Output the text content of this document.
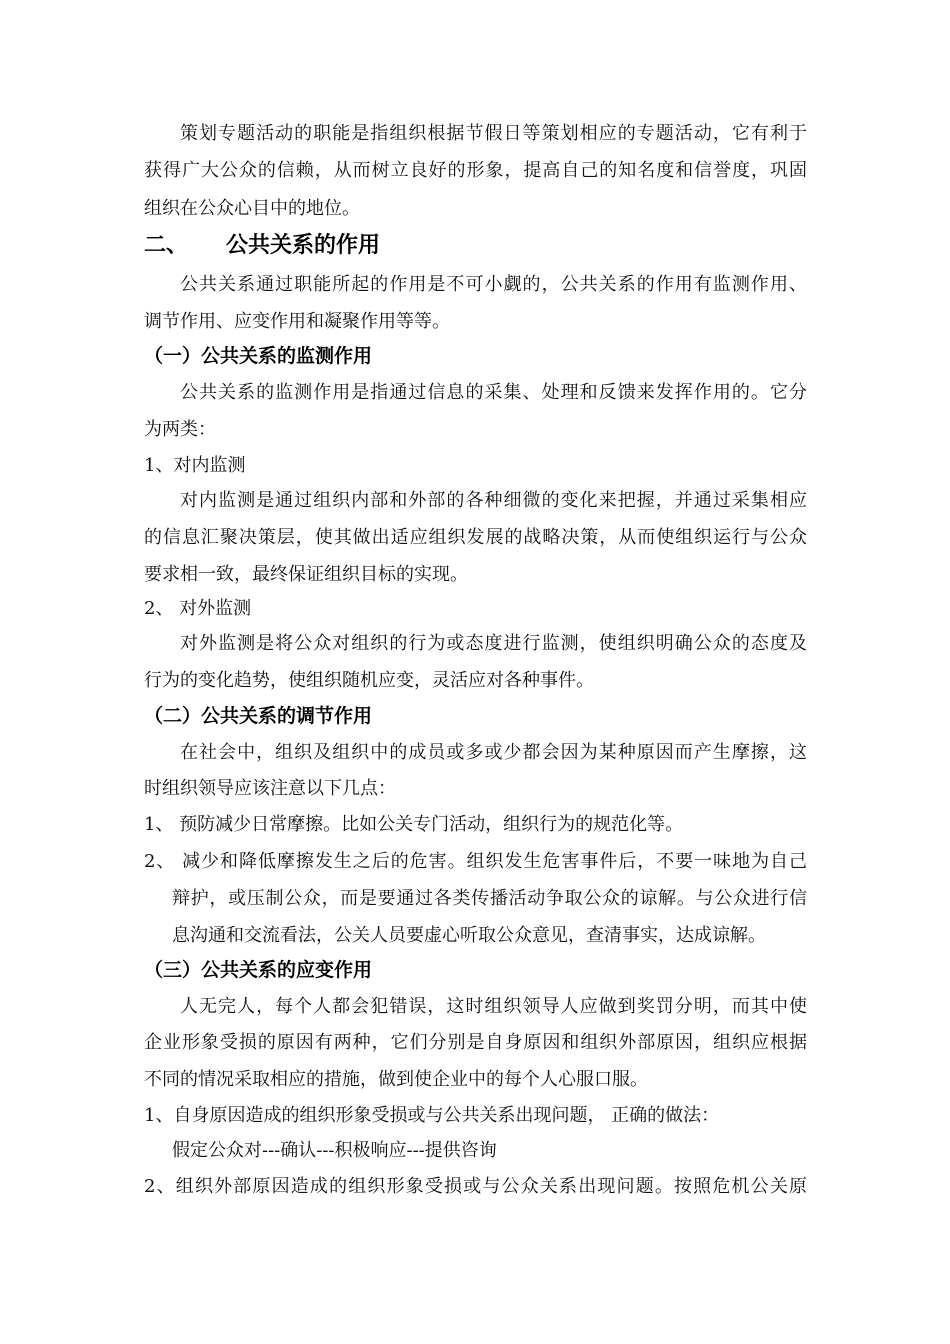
策划专题活动的职能是指组织根据节假日等策划相应的专题活动，它有利于
获得广大公众的信赖，从而树立良好的形象，提高自己的知名度和信誉度，巩固
组织在公众心目中的地位。
二、 公共关系的作用
公共关系通过职能所起的作用是不可小觑的，公共关系的作用有监测作用、
调节作用、应变作用和凝聚作用等等。
（一）公共关系的监测作用
公共关系的监测作用是指通过信息的采集、处理和反馈来发挥作用的。它分
为两类：
1、对内监测
对内监测是通过组织内部和外部的各种细微的变化来把握，并通过采集相应
的信息汇聚决策层，使其做出适应组织发展的战略决策，从而使组织运行与公众
要求相一致，最终保证组织目标的实现。
2、 对外监测
对外监测是将公众对组织的行为或态度进行监测，使组织明确公众的态度及
行为的变化趋势，使组织随机应变，灵活应对各种事件。
（二）公共关系的调节作用
在社会中，组织及组织中的成员或多或少都会因为某种原因而产生摩擦，这
时组织领导应该注意以下几点：
1、 预防减少日常摩擦。比如公关专门活动，组织行为的规范化等。
2、 减少和降低摩擦发生之后的危害。组织发生危害事件后，不要一味地为自己
辩护，或压制公众，而是要通过各类传播活动争取公众的谅解。与公众进行信
息沟通和交流看法，公关人员要虚心听取公众意见，查清事实，达成谅解。
（三）公共关系的应变作用
人无完人，每个人都会犯错误，这时组织领导人应做到奖罚分明，而其中使
企业形象受损的原因有两种，它们分别是自身原因和组织外部原因，组织应根据
不同的情况采取相应的措施，做到使企业中的每个人心服口服。
1、自身原因造成的组织形象受损或与公共关系出现问题， 正确的做法：
假定公众对---确认---积极响应---提供咨询
2、组织外部原因造成的组织形象受损或与公众关系出现问题。按照危机公关原
